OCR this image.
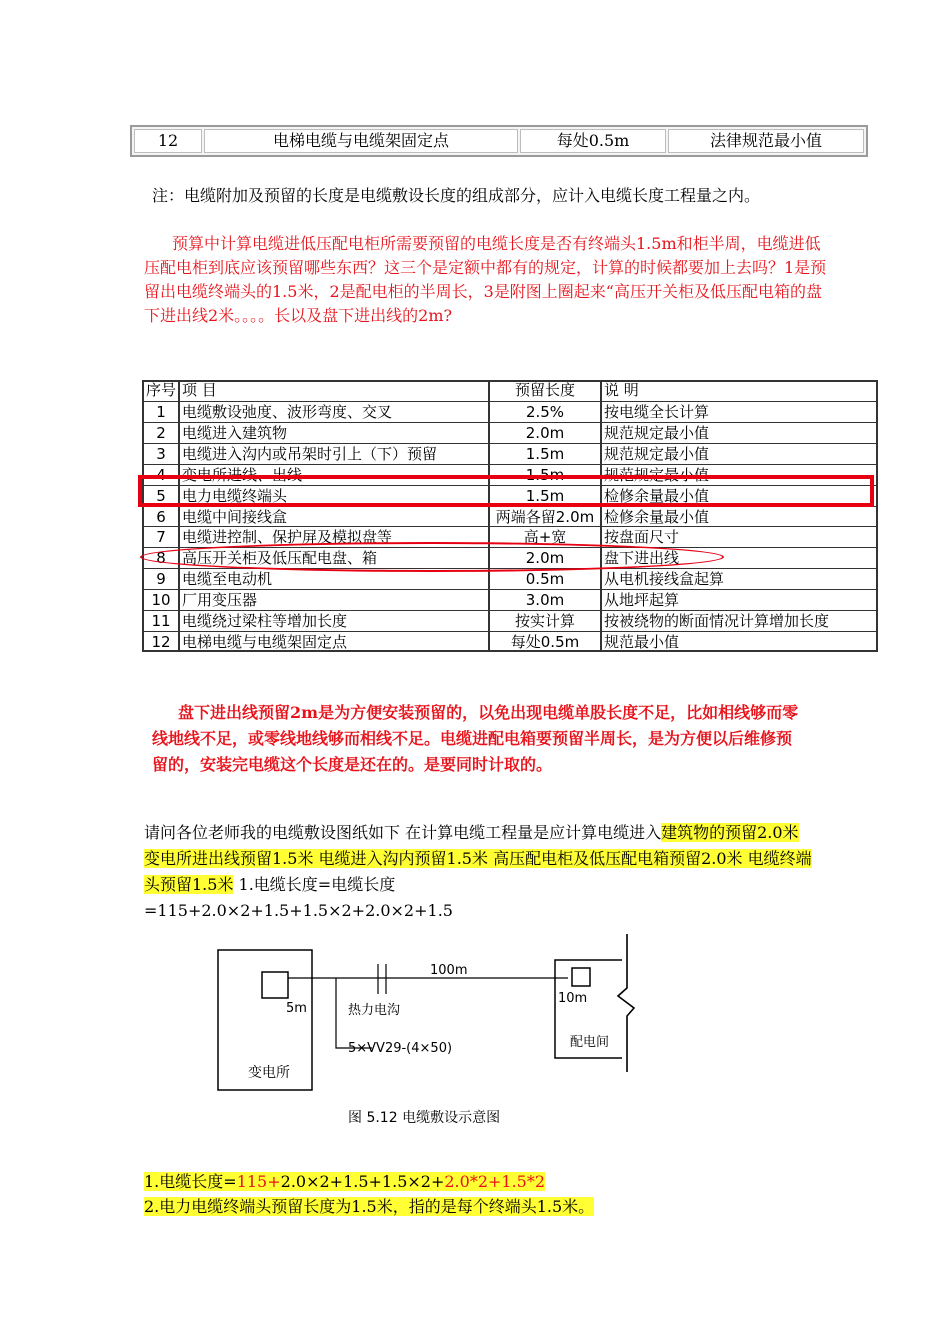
12	电梯电缆与电缆架固定点	每处0.5m	法律规范最小值
注：电缆附加及预留的长度是电缆敷设长度的组成部分，应计入电缆长度工程量之内。
预算中计算电缆进低压配电柜所需要预留的电缆长度是否有终端头1.5m和柜半周，电缆进低压配电柜到底应该预留哪些东西？这三个是定额中都有的规定，计算的时候都要加上去吗？1是预留出电缆终端头的1.5米，2是配电柜的半周长，3是附图上圈起来“高压开关柜及低压配电箱的盘下进出线2米。。。。长以及盘下进出线的2m?
序号 项 目	预留长度	说 明
1	电缆敷设弛度、波形弯度、交叉	2.5%	按电缆全长计算
2	电缆进入建筑物	2.0m	规范规定最小值
3	电缆进入沟内或吊架时引上（下）预留	1.5m	规范规定最小值
4	变电所进线、出线	1.5m	规范规定最小值
5	电力电缆终端头	1.5m	检修余量最小值
6	电缆中间接线盒	两端各留2.0m 检修余量最小值
7	电缆进控制、保护屏及模拟盘等	高+宽	按盘面尺寸
8	高压开关柜及低压配电盘、箱	2.0m	盘下进出线
9	电缆至电动机	0.5m	从电机接线盒起算
10 厂用变压器	3.0m	从地坪起算
11 电缆绕过梁柱等增加长度	按实计算	按被绕物的断面情况计算增加长度
12 电梯电缆与电缆架固定点	每处0.5m	规范最小值
盘下进出线预留2m是为方便安装预留的，以免出现电缆单股长度不足，比如相线够而零线地线不足，或零线地线够而相线不足。电缆进配电箱要预留半周长，是为方便以后维修预留的，安装完电缆这个长度是还在的。是要同时计取的。
请问各位老师我的电缆敷设图纸如下 在计算电缆工程量是应计算电缆进入建筑物的预留2.0米 变电所进出线预留1.5米 电缆进入沟内预留1.5米 高压配电柜及低压配电箱预留2.0米 电缆终端头预留1.5米 1.电缆长度=电缆长度
=115+2.0×2+1.5+1.5×2+2.0×2+1.5
变电所
5m	热力电沟
100m
10m
配电间
5×VV29-(4×50)
图 5.12 电缆敷设示意图
1.电缆长度=115+2.0×2+1.5+1.5×2+2.0*2+1.5*2
2.电力电缆终端头预留长度为1.5米，指的是每个终端头1.5米。
